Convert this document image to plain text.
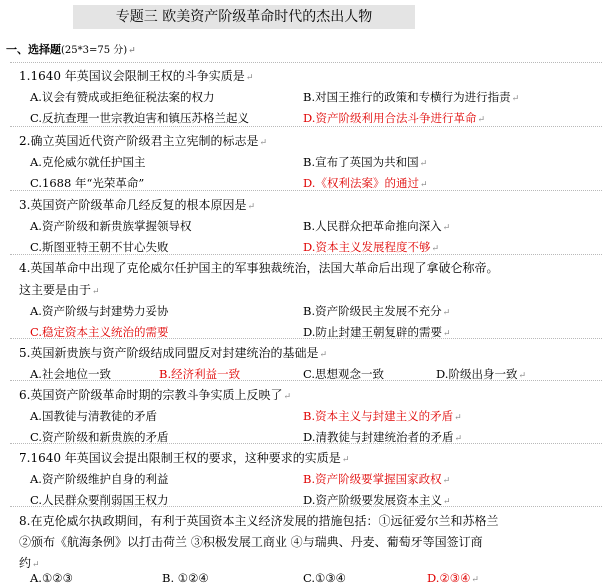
专题三 欧美资产阶级革命时代的杰出人物
一、选择题(25*3=75 分)↵
1.1640 年英国议会限制王权的斗争实质是↵
A.议会有赞成或拒绝征税法案的权力	B.对国王推行的政策和专横行为进行指责↵
C.反抗查理一世宗教迫害和镇压苏格兰起义	D.资产阶级利用合法斗争进行革命↵
2.确立英国近代资产阶级君主立宪制的标志是↵
A.克伦威尔就任护国主	B.宣布了英国为共和国↵
C.1688 年“光荣革命”	D.《权利法案》的通过↵
3.英国资产阶级革命几经反复的根本原因是↵
A.资产阶级和新贵族掌握领导权	B.人民群众把革命推向深入↵
C.斯图亚特王朝不甘心失败	D.资本主义发展程度不够↵
4.英国革命中出现了克伦威尔任护国主的军事独裁统治，法国大革命后出现了拿破仑称帝。
这主要是由于↵
A.资产阶级与封建势力妥协	B.资产阶级民主发展不充分↵
C.稳定资本主义统治的需要	D.防止封建王朝复辟的需要↵
5.英国新贵族与资产阶级结成同盟反对封建统治的基础是↵
A.社会地位一致	B.经济利益一致	C.思想观念一致	D.阶级出身一致↵
6.英国资产阶级革命时期的宗教斗争实质上反映了↵
A.国教徒与清教徒的矛盾	B.资本主义与封建主义的矛盾↵
C.资产阶级和新贵族的矛盾	D.清教徒与封建统治者的矛盾↵
7.1640 年英国议会提出限制王权的要求，这种要求的实质是↵
A.资产阶级维护自身的利益	B.资产阶级要掌握国家政权↵
C.人民群众要削弱国王权力	D.资产阶级要发展资本主义↵
8.在克伦威尔执政期间，有利于英国资本主义经济发展的措施包括：①远征爱尔兰和苏格兰
②颁布《航海条例》以打击荷兰 ③积极发展工商业 ④与瑞典、丹麦、葡萄牙等国签订商
约↵
A.①②③	B. ①②④	C.①③④	D.②③④↵
